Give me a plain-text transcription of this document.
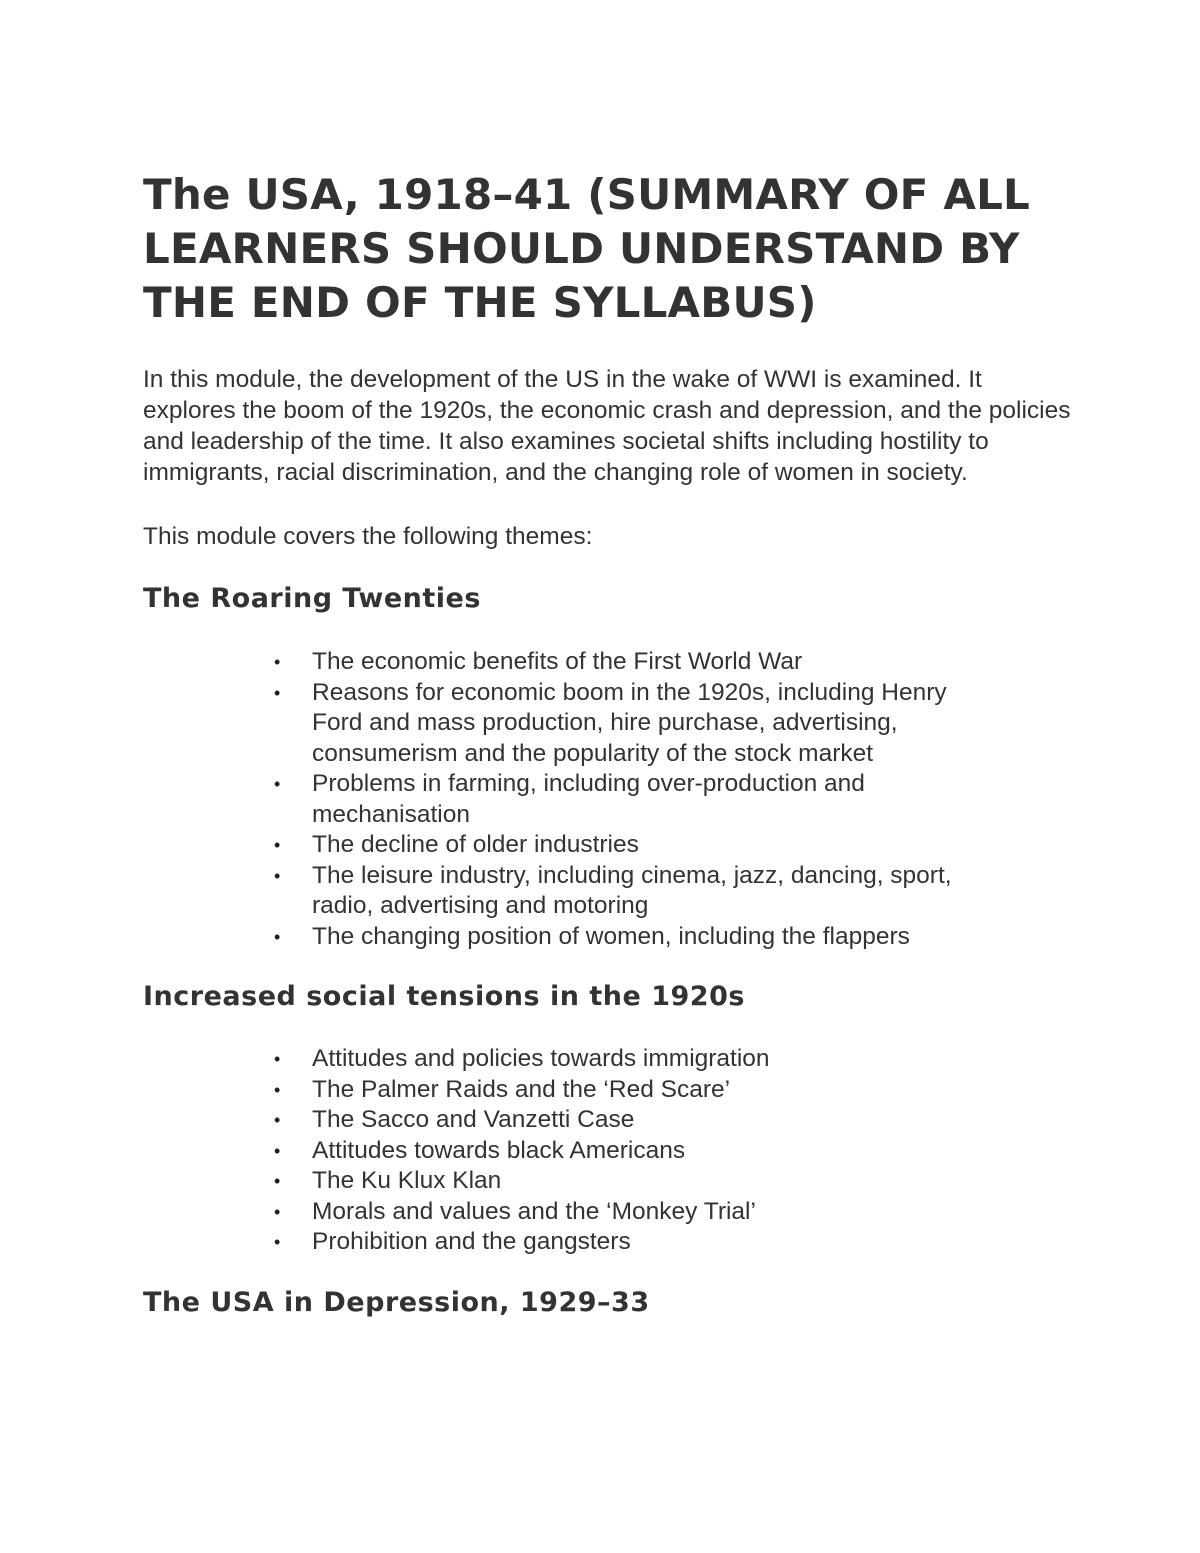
The USA, 1918–41 (SUMMARY OF ALL LEARNERS SHOULD UNDERSTAND BY THE END OF THE SYLLABUS)

In this module, the development of the US in the wake of WWI is examined. It explores the boom of the 1920s, the economic crash and depression, and the policies and leadership of the time. It also examines societal shifts including hostility to immigrants, racial discrimination, and the changing role of women in society.

This module covers the following themes:

The Roaring Twenties
• The economic benefits of the First World War
• Reasons for economic boom in the 1920s, including Henry Ford and mass production, hire purchase, advertising, consumerism and the popularity of the stock market
• Problems in farming, including over-production and mechanisation
• The decline of older industries
• The leisure industry, including cinema, jazz, dancing, sport, radio, advertising and motoring
• The changing position of women, including the flappers
Increased social tensions in the 1920s
• Attitudes and policies towards immigration
• The Palmer Raids and the ‘Red Scare’
• The Sacco and Vanzetti Case
• Attitudes towards black Americans
• The Ku Klux Klan
• Morals and values and the ‘Monkey Trial’
• Prohibition and the gangsters
The USA in Depression, 1929–33
